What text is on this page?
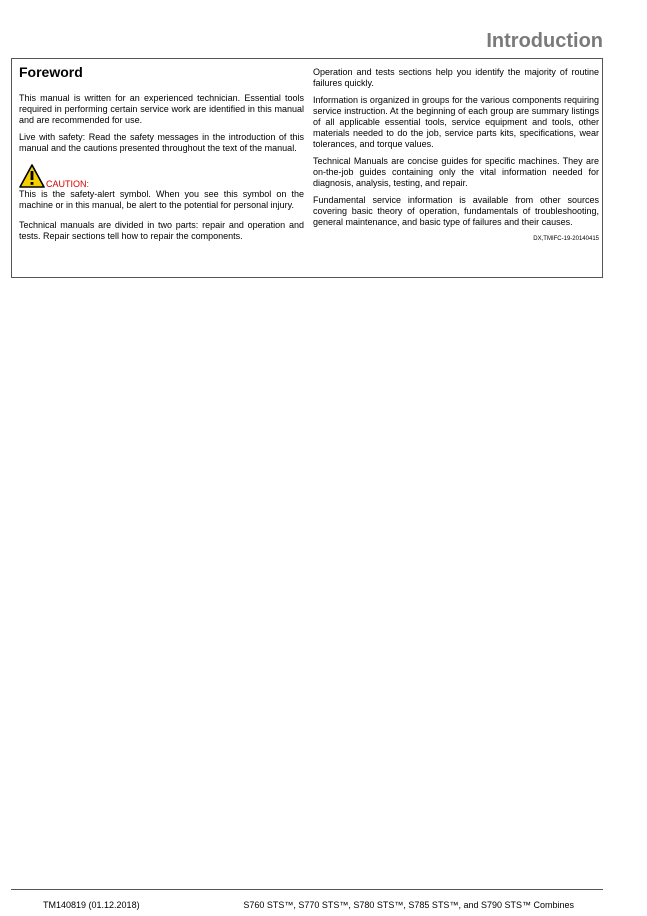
Introduction
Foreword

This manual is written for an experienced technician. Essential tools required in performing certain service work are identified in this manual and are recommended for use.

Live with safety: Read the safety messages in the introduction of this manual and the cautions presented throughout the text of the manual.

CAUTION:

This is the safety-alert symbol. When you see this symbol on the machine or in this manual, be alert to the potential for personal injury.

Technical manuals are divided in two parts: repair and operation and tests. Repair sections tell how to repair the components.

Operation and tests sections help you identify the majority of routine failures quickly.

Information is organized in groups for the various components requiring service instruction. At the beginning of each group are summary listings of all applicable essential tools, service equipment and tools, other materials needed to do the job, service parts kits, specifications, wear tolerances, and torque values.

Technical Manuals are concise guides for specific machines. They are on-the-job guides containing only the vital information needed for diagnosis, analysis, testing, and repair.

Fundamental service information is available from other sources covering basic theory of operation, fundamentals of troubleshooting, general maintenance, and basic type of failures and their causes.

DX,TMIFC-19-20140415
TM140819 (01.12.2018)	S760 STS™, S770 STS™, S780 STS™, S785 STS™, and S790 STS™ Combines
